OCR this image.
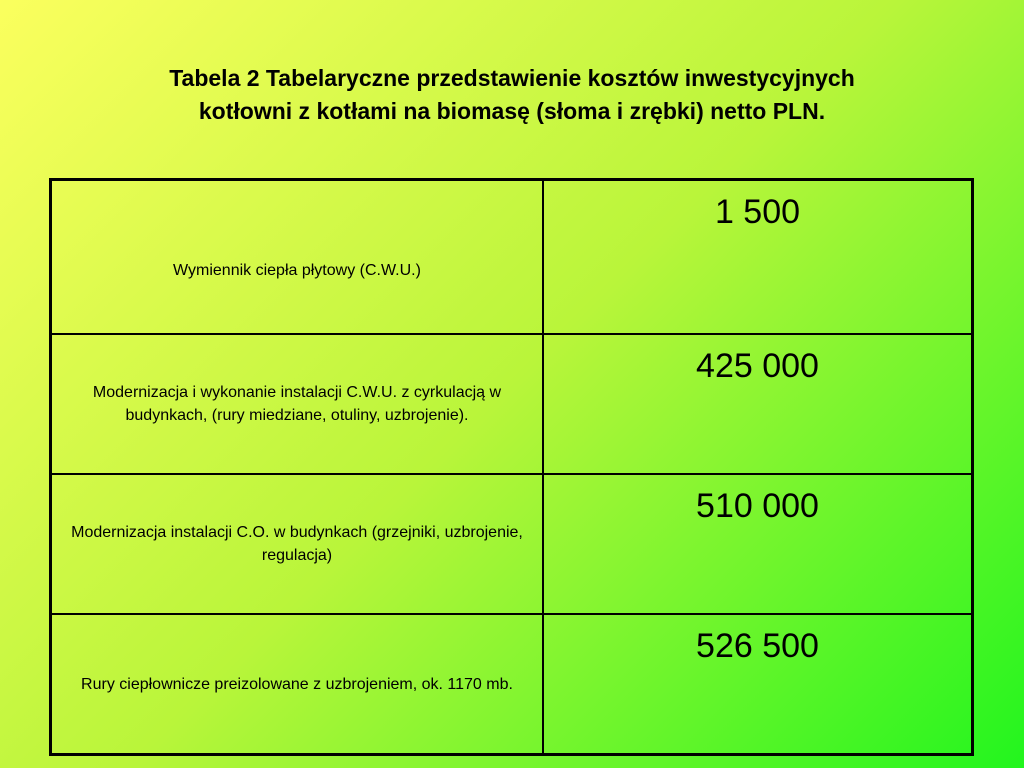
Tabela 2 Tabelaryczne przedstawienie kosztów inwestycyjnych
kotłowni z kotłami na biomasę (słoma i zrębki) netto PLN.
Wymiennik ciepła płytowy (C.W.U.)	1 500
Modernizacja i wykonanie instalacji C.W.U. z cyrkulacją w budynkach, (rury miedziane, otuliny, uzbrojenie).	425 000
Modernizacja instalacji C.O. w budynkach (grzejniki, uzbrojenie, regulacja)	510 000
Rury ciepłownicze preizolowane z uzbrojeniem, ok. 1170 mb.	526 500
